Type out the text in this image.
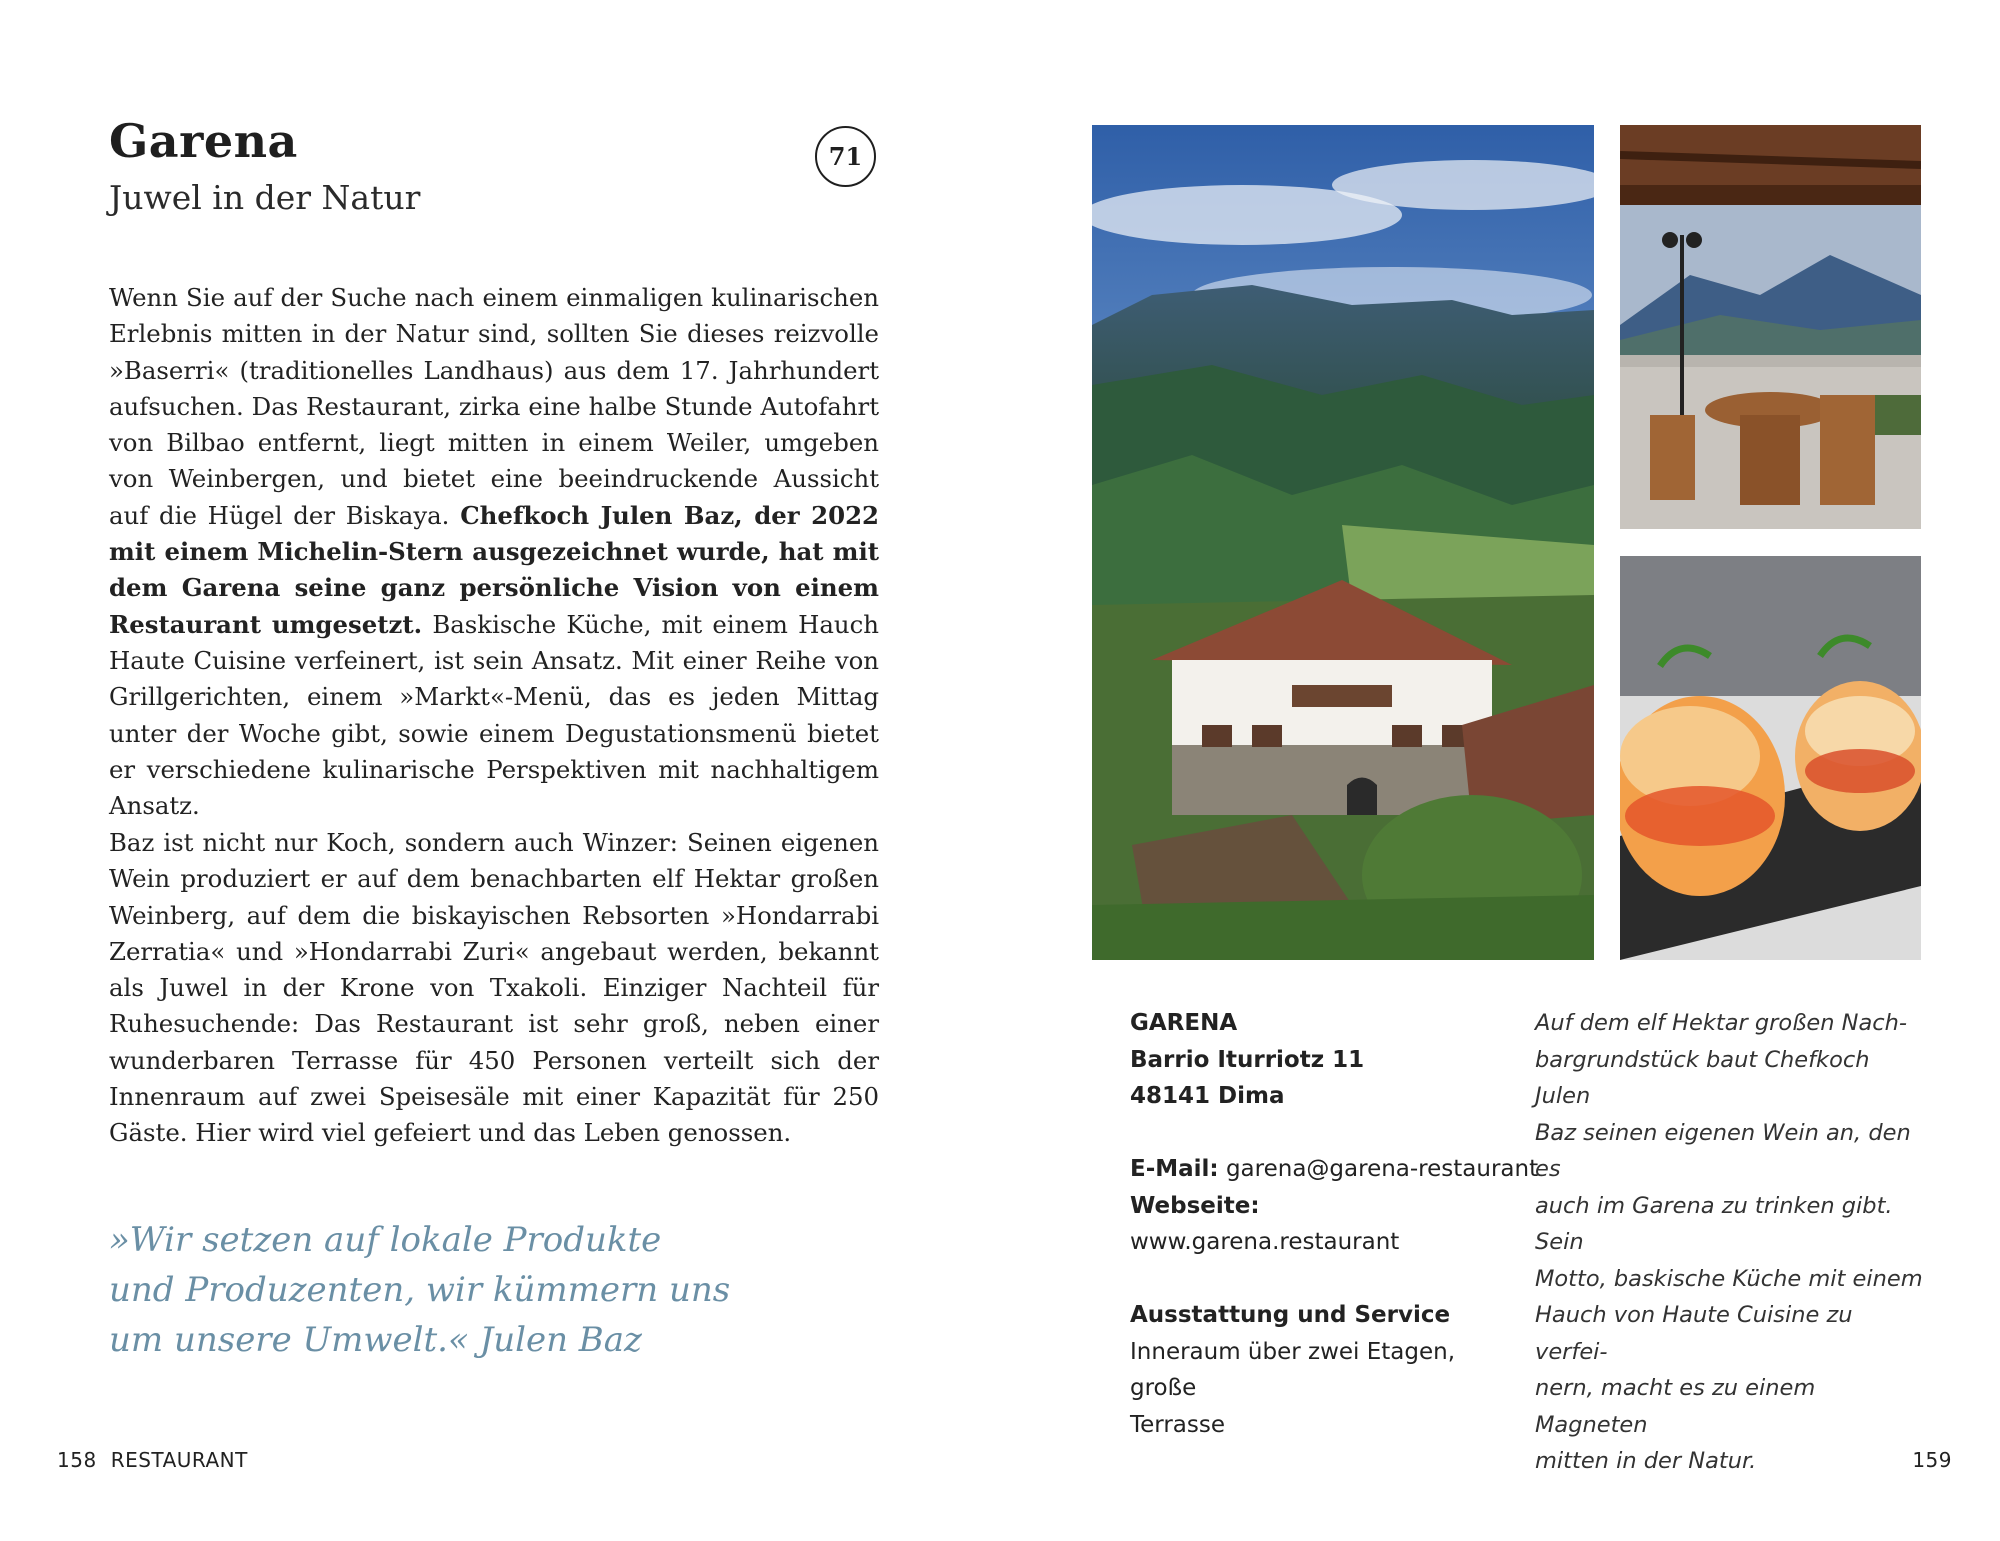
Garena
Juwel in der Natur
71

Wenn Sie auf der Suche nach einem einmaligen kulinarischen Erlebnis mitten in der Natur sind, sollten Sie dieses reizvolle »Baserri« (traditionelles Landhaus) aus dem 17. Jahrhundert aufsuchen. Das Restaurant, zirka eine halbe Stunde Autofahrt von Bilbao entfernt, liegt mitten in einem Weiler, umgeben von Weinbergen, und bietet eine beeindruckende Aussicht auf die Hügel der Biskaya. Chefkoch Julen Baz, der 2022 mit einem Michelin-Stern ausgezeichnet wurde, hat mit dem Garena seine ganz persönliche Vision von einem Restaurant umgesetzt. Baskische Küche, mit einem Hauch Haute Cuisine verfeinert, ist sein Ansatz. Mit einer Reihe von Grillgerichten, einem »Markt«-Menü, das es jeden Mittag unter der Woche gibt, sowie einem Degustationsmenü bietet er verschiedene kulinarische Perspektiven mit nachhaltigem Ansatz.

Baz ist nicht nur Koch, sondern auch Winzer: Seinen eigenen Wein produziert er auf dem benachbarten elf Hektar großen Weinberg, auf dem die biskayischen Rebsorten »Hondarrabi Zerratia« und »Hondarrabi Zuri« angebaut werden, bekannt als Juwel in der Krone von Txakoli. Einziger Nachteil für Ruhesuchende: Das Restaurant ist sehr groß, neben einer wunderbaren Terrasse für 450 Personen verteilt sich der Innenraum auf zwei Speisesäle mit einer Kapazität für 250 Gäste. Hier wird viel gefeiert und das Leben genossen.

»Wir setzen auf lokale Produkte
und Produzenten, wir kümmern uns
um unsere Umwelt.« Julen Baz

158 RESTAURANT
GARENA
Barrio Iturriotz 11
48141 Dima
E-Mail: garena@garena-restaurant
Webseite:
www.garena.restaurant
Ausstattung und Service
Inneraum über zwei Etagen, große
Terrasse

Auf dem elf Hektar großen Nach-
bargrundstück baut Chefkoch Julen
Baz seinen eigenen Wein an, den es
auch im Garena zu trinken gibt. Sein
Motto, baskische Küche mit einem
Hauch von Haute Cuisine zu verfei-
nern, macht es zu einem Magneten
mitten in der Natur.	159
